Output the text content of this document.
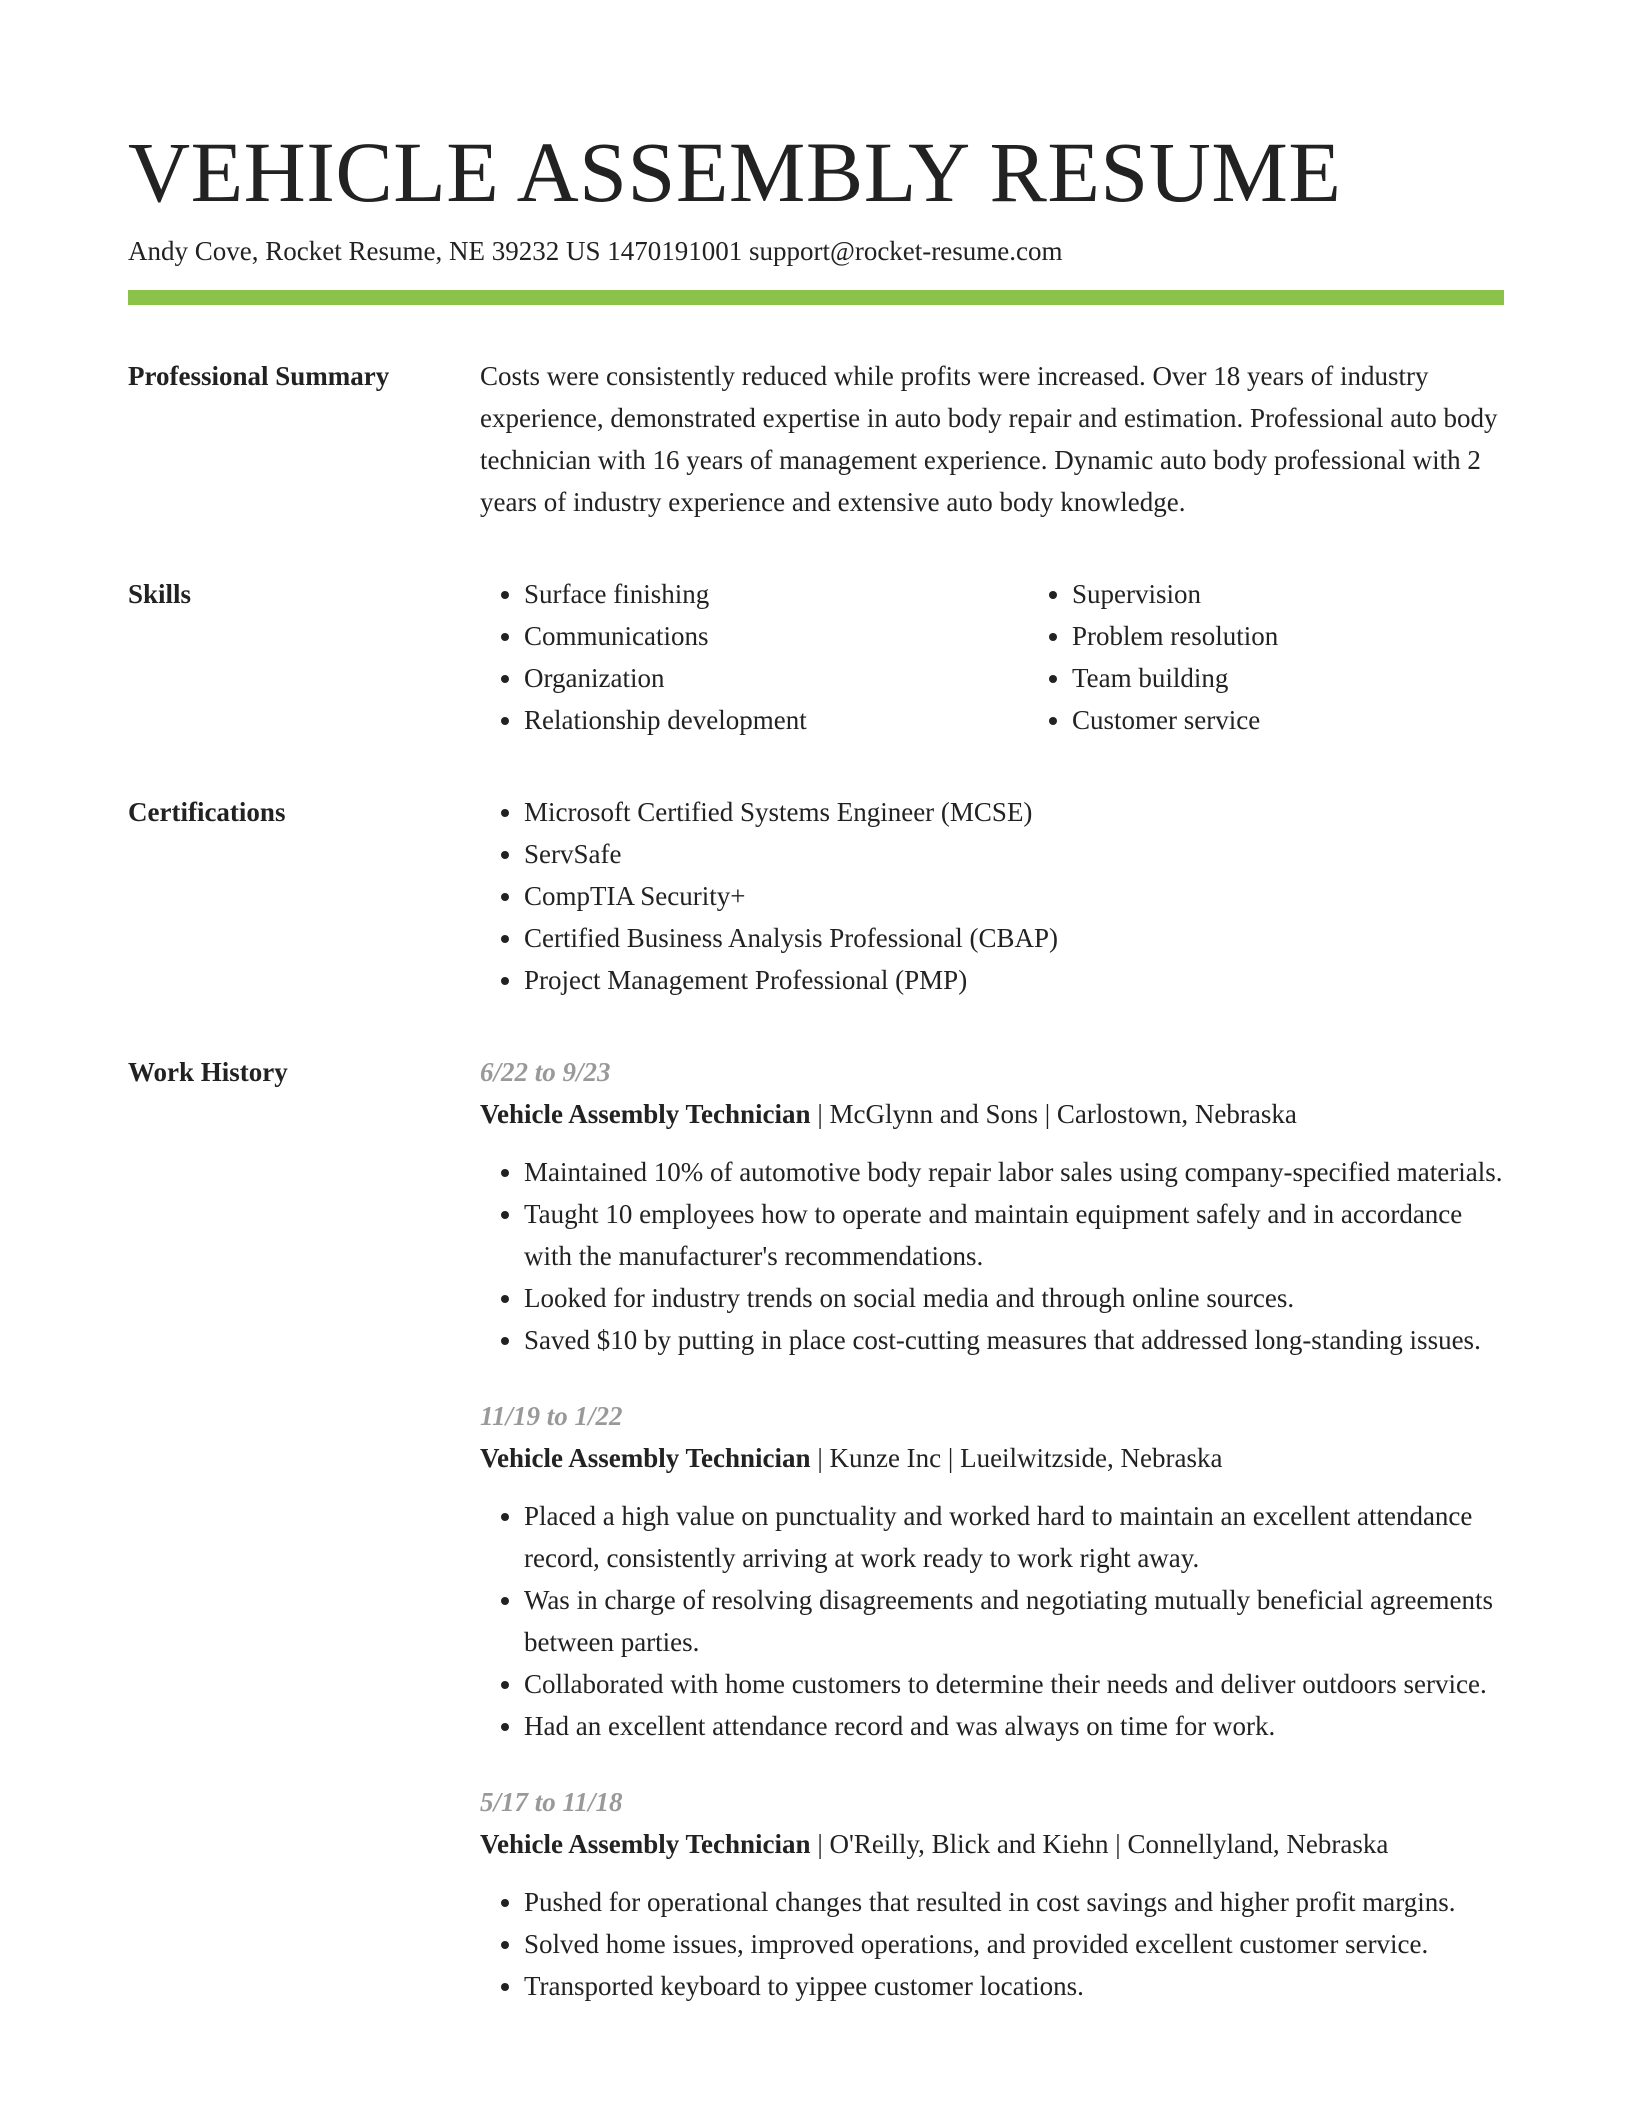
VEHICLE ASSEMBLY RESUME
Andy Cove, Rocket Resume, NE 39232 US 1470191001 support@rocket-resume.com
Professional Summary	Costs were consistently reduced while profits were increased. Over 18 years of industry experience, demonstrated expertise in auto body repair and estimation. Professional auto body technician with 16 years of management experience. Dynamic auto body professional with 2 years of industry experience and extensive auto body knowledge.

Skills	• Surface finishing
• Communications
• Organization
• Relationship development
• Supervision
• Problem resolution
• Team building
• Customer service
Certifications	• Microsoft Certified Systems Engineer (MCSE)
• ServSafe
• CompTIA Security+
• Certified Business Analysis Professional (CBAP)
• Project Management Professional (PMP)
Work History	6/22 to 9/23
Vehicle Assembly Technician | McGlynn and Sons | Carlostown, Nebraska
• Maintained 10% of automotive body repair labor sales using company-specified materials.
• Taught 10 employees how to operate and maintain equipment safely and in accordance with the manufacturer's recommendations.
• Looked for industry trends on social media and through online sources.
• Saved $10 by putting in place cost-cutting measures that addressed long-standing issues.
11/19 to 1/22
Vehicle Assembly Technician | Kunze Inc | Lueilwitzside, Nebraska
• Placed a high value on punctuality and worked hard to maintain an excellent attendance record, consistently arriving at work ready to work right away.
• Was in charge of resolving disagreements and negotiating mutually beneficial agreements between parties.
• Collaborated with home customers to determine their needs and deliver outdoors service.
• Had an excellent attendance record and was always on time for work.
5/17 to 11/18
Vehicle Assembly Technician | O'Reilly, Blick and Kiehn | Connellyland, Nebraska
• Pushed for operational changes that resulted in cost savings and higher profit margins.
• Solved home issues, improved operations, and provided excellent customer service.
• Transported keyboard to yippee customer locations.
